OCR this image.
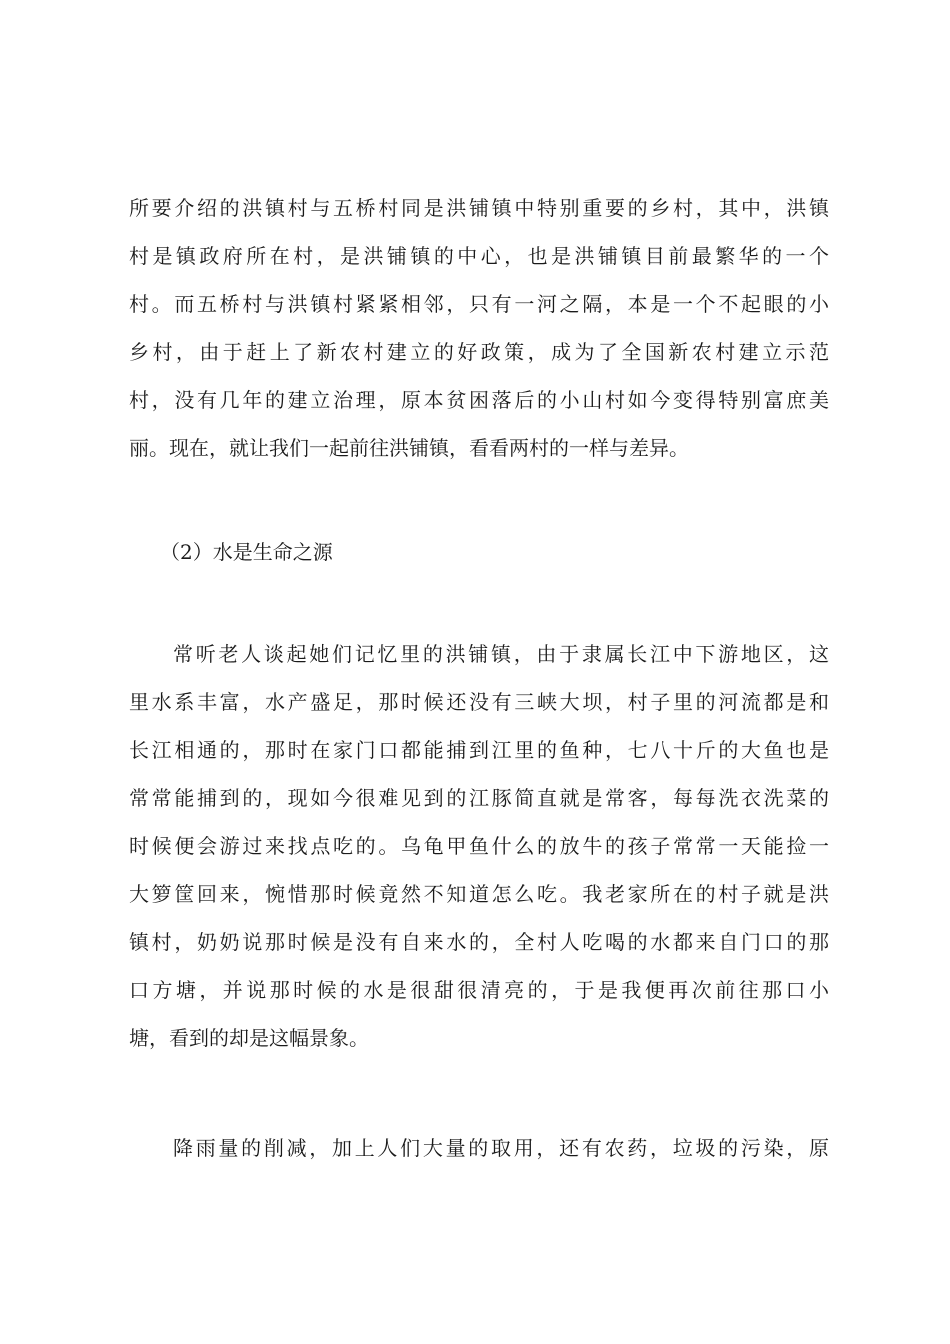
所要介绍的洪镇村与五桥村同是洪铺镇中特别重要的乡村，其中，洪镇
村是镇政府所在村，是洪铺镇的中心，也是洪铺镇目前最繁华的一个
村。而五桥村与洪镇村紧紧相邻，只有一河之隔，本是一个不起眼的小
乡村，由于赶上了新农村建立的好政策，成为了全国新农村建立示范
村，没有几年的建立治理，原本贫困落后的小山村如今变得特别富庶美
丽。现在，就让我们一起前往洪铺镇，看看两村的一样与差异。
（2）水是生命之源
常听老人谈起她们记忆里的洪铺镇，由于隶属长江中下游地区，这
里水系丰富，水产盛足，那时候还没有三峡大坝，村子里的河流都是和
长江相通的，那时在家门口都能捕到江里的鱼种，七八十斤的大鱼也是
常常能捕到的，现如今很难见到的江豚简直就是常客，每每洗衣洗菜的
时候便会游过来找点吃的。乌龟甲鱼什么的放牛的孩子常常一天能捡一
大箩筐回来，惋惜那时候竟然不知道怎么吃。我老家所在的村子就是洪
镇村，奶奶说那时候是没有自来水的，全村人吃喝的水都来自门口的那
口方塘，并说那时候的水是很甜很清亮的，于是我便再次前往那口小
塘，看到的却是这幅景象。
降雨量的削减，加上人们大量的取用，还有农药，垃圾的污染，原
